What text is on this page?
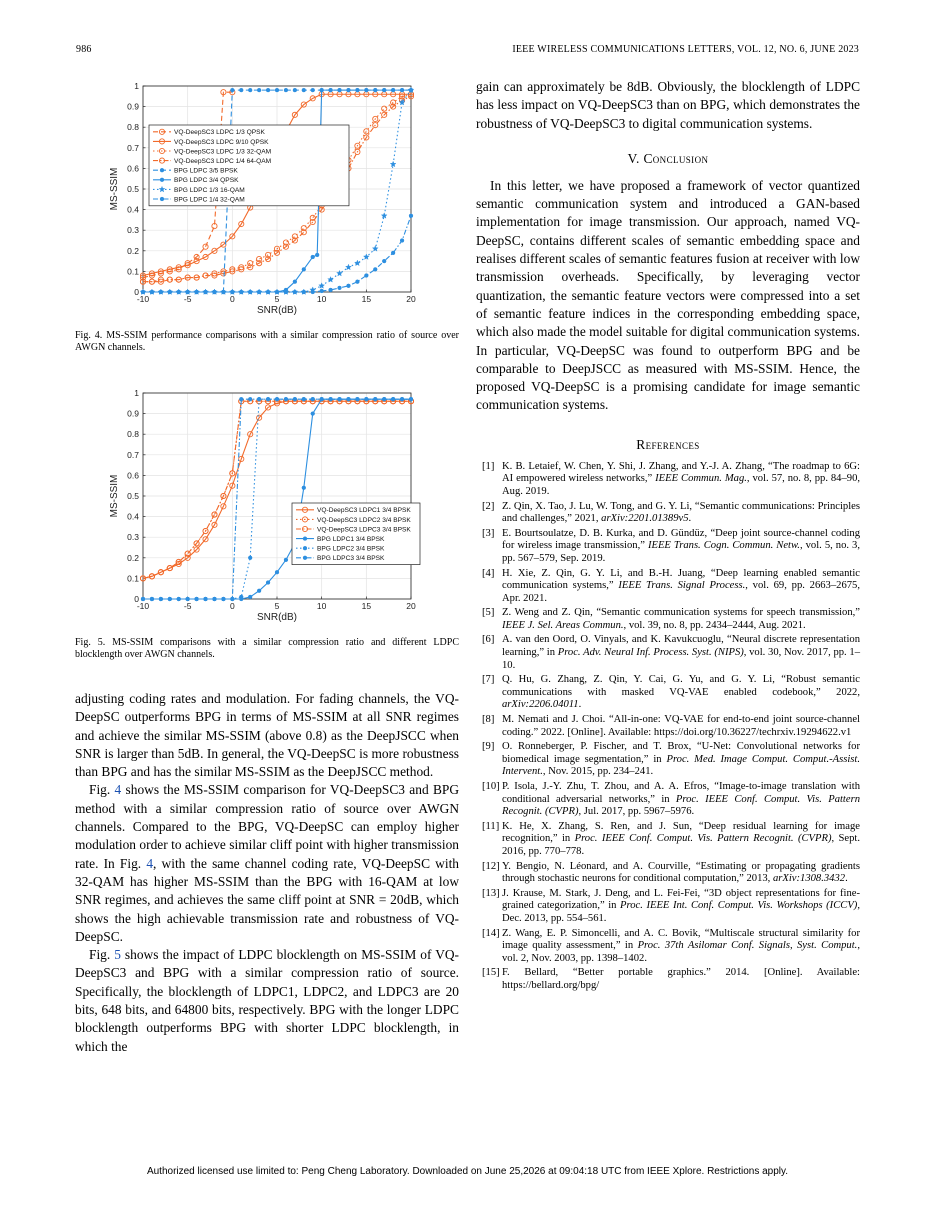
986	IEEE WIRELESS COMMUNICATIONS LETTERS, VOL. 12, NO. 6, JUNE 2023
-10	-5	0	5	10	15	20
0
0.1
0.2
0.3
0.4
0.5
0.6
0.7
0.8
0.9
1
SNR(dB)
MS-SSIM
VQ-DeepSC3 LDPC 1/3 QPSK
VQ-DeepSC3 LDPC 9/10 QPSK
VQ-DeepSC3 LDPC 1/3 32-QAM
VQ-DeepSC3 LDPC 1/4 64-QAM
BPG LDPC 3/5 BPSK
BPG LDPC 3/4 QPSK
BPG LDPC 1/3 16-QAM
BPG LDPC 1/4 32-QAM
Fig. 4. MS-SSIM performance comparisons with a similar compression ratio of source over AWGN channels.
-10	-5	0	5	10	15	20
0
0.1
0.2
0.3
0.4
0.5
0.6
0.7
0.8
0.9
1
SNR(dB)
MS-SSIM	VQ-DeepSC3 LDPC1 3/4 BPSK
VQ-DeepSC3 LDPC2 3/4 BPSK
VQ-DeepSC3 LDPC3 3/4 BPSK
BPG LDPC1 3/4 BPSK
BPG LDPC2 3/4 BPSK
BPG LDPC3 3/4 BPSK
Fig. 5. MS-SSIM comparisons with a similar compression ratio and different LDPC blocklength over AWGN channels.

adjusting coding rates and modulation. For fading channels, the VQ-DeepSC outperforms BPG in terms of MS-SSIM at all SNR regimes and achieve the similar MS-SSIM (above 0.8) as the DeepJSCC when SNR is larger than 5dB. In general, the VQ-DeepSC is more robustness than BPG and has the similar MS-SSIM as the DeepJSCC method.

Fig. 4 shows the MS-SSIM comparison for VQ-DeepSC3 and BPG method with a similar compression ratio of source over AWGN channels. Compared to the BPG, VQ-DeepSC can employ higher modulation order to achieve similar cliff point with higher transmission rate. In Fig. 4, with the same channel coding rate, VQ-DeepSC with 32-QAM has higher MS-SSIM than the BPG with 16-QAM at low SNR regimes, and achieves the same cliff point at SNR = 20dB, which shows the high achievable transmission rate and robustness of VQ-DeepSC.

Fig. 5 shows the impact of LDPC blocklength on MS-SSIM of VQ-DeepSC3 and BPG with a similar compression ratio of source. Specifically, the blocklength of LDPC1, LDPC2, and LDPC3 are 20 bits, 648 bits, and 64800 bits, respectively. BPG with the longer LDPC blocklength outperforms BPG with shorter LDPC blocklength, in which the

gain can approximately be 8dB. Obviously, the blocklength of LDPC has less impact on VQ-DeepSC3 than on BPG, which demonstrates the robustness of VQ-DeepSC3 to digital communication systems.

V. Conclusion

In this letter, we have proposed a framework of vector quantized semantic communication system and introduced a GAN-based implementation for image transmission. Our approach, named VQ-DeepSC, contains different scales of semantic embedding space and realises different scales of semantic features fusion at receiver with low transmission overheads. Specifically, by leveraging vector quantization, the semantic feature vectors were compressed into a set of semantic feature indices in the corresponding embedding space, which also made the model suitable for digital communication systems. In particular, VQ-DeepSC was found to outperform BPG and be comparable to DeepJSCC as measured with MS-SSIM. Hence, the proposed VQ-DeepSC is a promising candidate for image semantic communication systems.

References
[1] K. B. Letaief, W. Chen, Y. Shi, J. Zhang, and Y.-J. A. Zhang, “The roadmap to 6G: AI empowered wireless networks,” IEEE Commun. Mag., vol. 57, no. 8, pp. 84–90, Aug. 2019.
[2] Z. Qin, X. Tao, J. Lu, W. Tong, and G. Y. Li, “Semantic communications: Principles and challenges,” 2021, arXiv:2201.01389v5.
[3] E. Bourtsoulatze, D. B. Kurka, and D. Gündüz, “Deep joint source-channel coding for wireless image transmission,” IEEE Trans. Cogn. Commun. Netw., vol. 5, no. 3, pp. 567–579, Sep. 2019.
[4] H. Xie, Z. Qin, G. Y. Li, and B.-H. Juang, “Deep learning enabled semantic communication systems,” IEEE Trans. Signal Process., vol. 69, pp. 2663–2675, Apr. 2021.
[5] Z. Weng and Z. Qin, “Semantic communication systems for speech transmission,” IEEE J. Sel. Areas Commun., vol. 39, no. 8, pp. 2434–2444, Aug. 2021.
[6] A. van den Oord, O. Vinyals, and K. Kavukcuoglu, “Neural discrete representation learning,” in Proc. Adv. Neural Inf. Process. Syst. (NIPS), vol. 30, Nov. 2017, pp. 1–10.
[7] Q. Hu, G. Zhang, Z. Qin, Y. Cai, G. Yu, and G. Y. Li, “Robust semantic communications with masked VQ-VAE enabled codebook,” 2022, arXiv:2206.04011.
[8] M. Nemati and J. Choi. “All-in-one: VQ-VAE for end-to-end joint source-channel coding.” 2022. [Online]. Available: https://doi.org/10.36227/techrxiv.19294622.v1
[9] O. Ronneberger, P. Fischer, and T. Brox, “U-Net: Convolutional networks for biomedical image segmentation,” in Proc. Med. Image Comput. Comput.-Assist. Intervent., Nov. 2015, pp. 234–241.
[10] P. Isola, J.-Y. Zhu, T. Zhou, and A. A. Efros, “Image-to-image translation with conditional adversarial networks,” in Proc. IEEE Conf. Comput. Vis. Pattern Recognit. (CVPR), Jul. 2017, pp. 5967–5976.
[11] K. He, X. Zhang, S. Ren, and J. Sun, “Deep residual learning for image recognition,” in Proc. IEEE Conf. Comput. Vis. Pattern Recognit. (CVPR), Sept. 2016, pp. 770–778.
[12] Y. Bengio, N. Léonard, and A. Courville, “Estimating or propagating gradients through stochastic neurons for conditional computation,” 2013, arXiv:1308.3432.
[13] J. Krause, M. Stark, J. Deng, and L. Fei-Fei, “3D object representations for fine-grained categorization,” in Proc. IEEE Int. Conf. Comput. Vis. Workshops (ICCV), Dec. 2013, pp. 554–561.
[14] Z. Wang, E. P. Simoncelli, and A. C. Bovik, “Multiscale structural similarity for image quality assessment,” in Proc. 37th Asilomar Conf. Signals, Syst. Comput., vol. 2, Nov. 2003, pp. 1398–1402.
[15] F. Bellard, “Better portable graphics.” 2014. [Online]. Available: https://bellard.org/bpg/
Authorized licensed use limited to: Peng Cheng Laboratory. Downloaded on June 25,2026 at 09:04:18 UTC from IEEE Xplore. Restrictions apply.
